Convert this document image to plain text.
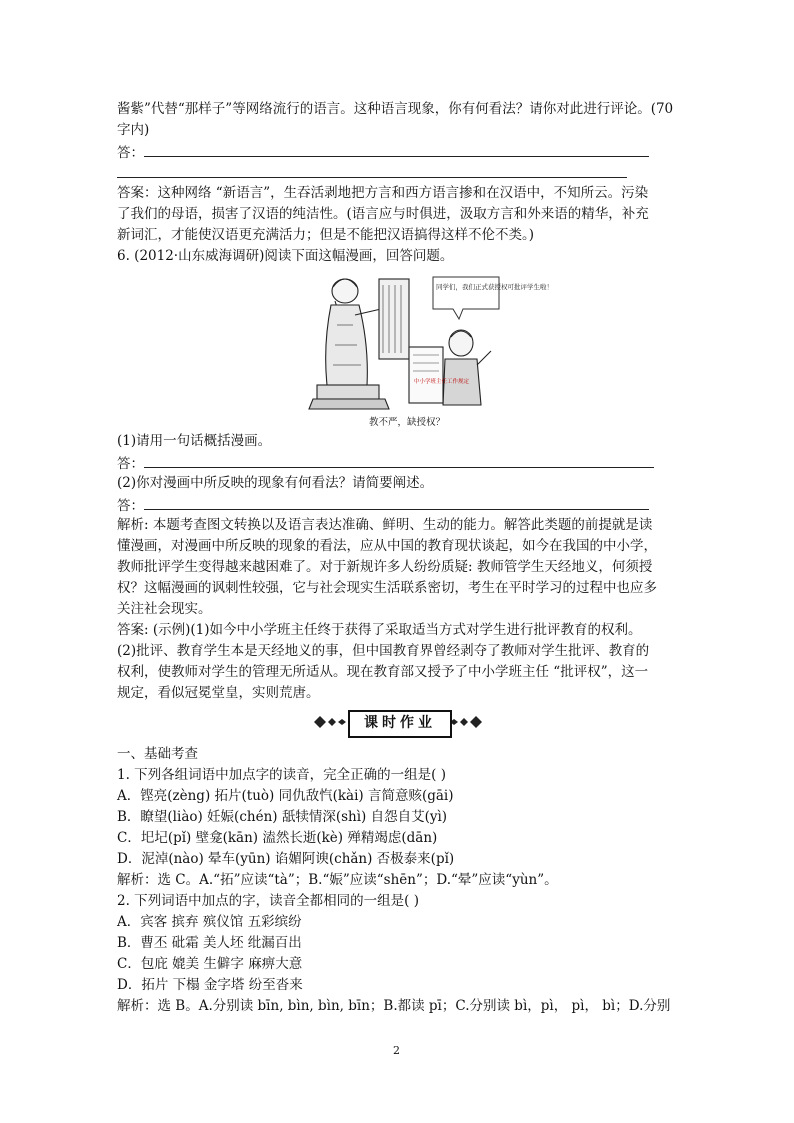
酱紫”代替“那样子”等网络流行的语言。这种语言现象，你有何看法？请你对此进行评论。(70
字内)
答：
答案：这种网络 “新语言”，生吞活剥地把方言和西方语言掺和在汉语中，不知所云。污染
了我们的母语，损害了汉语的纯洁性。(语言应与时俱进，汲取方言和外来语的精华，补充
新词汇，才能使汉语更充满活力；但是不能把汉语搞得这样不伦不类。)
6. (2012·山东威海调研)阅读下面这幅漫画，回答问题。
同学们，我们正式获授权可批评学生啦！
中小学班主任工作规定
教不严，缺授权？
(1)请用一句话概括漫画。
答：
(2)你对漫画中所反映的现象有何看法？请简要阐述。
答：
解析: 本题考查图文转换以及语言表达准确、鲜明、生动的能力。解答此类题的前提就是读
懂漫画，对漫画中所反映的现象的看法，应从中国的教育现状谈起，如今在我国的中小学，
教师批评学生变得越来越困难了。对于新规许多人纷纷质疑: 教师管学生天经地义，何须授
权？这幅漫画的讽刺性较强，它与社会现实生活联系密切，考生在平时学习的过程中也应多
关注社会现实。
答案: (示例)(1)如今中小学班主任终于获得了采取适当方式对学生进行批评教育的权利。
(2)批评、教育学生本是天经地义的事，但中国教育界曾经剥夺了教师对学生批评、教育的
权利，使教师对学生的管理无所适从。现在教育部又授予了中小学班主任 “批评权”，这一
规定，看似冠冕堂皇，实则荒唐。
课时作业
一、基础考查
1. 下列各组词语中加点字的读音，完全正确的一组是( )
A．铿亮(zèng) 拓片(tuò) 同仇敌忾(kài) 言简意赅(gāi)
B．瞭望(liào) 妊娠(chén) 舐犊情深(shì) 自怨自艾(yì)
C．圯圮(pǐ) 壁龛(kān) 溘然长逝(kè) 殚精竭虑(dān)
D．泥淖(nào) 晕车(yūn) 谄媚阿谀(chǎn) 否极泰来(pǐ)
解析：选 C。A.“拓”应读“tà”；B.“娠”应读“shēn”；D.“晕”应读“yùn”。
2. 下列词语中加点的字，读音全都相同的一组是( )
A．宾客 摈弃 殡仪馆 五彩缤纷
B．曹丕 砒霜 美人坯 纰漏百出
C．包庇 媲美 生僻字 麻痹大意
D．拓片 下榻 金字塔 纷至沓来
解析：选 B。A.分别读 bīn, bìn, bìn, bīn；B.都读 pī；C.分别读 bì，pì， pì， bì；D.分别
2
